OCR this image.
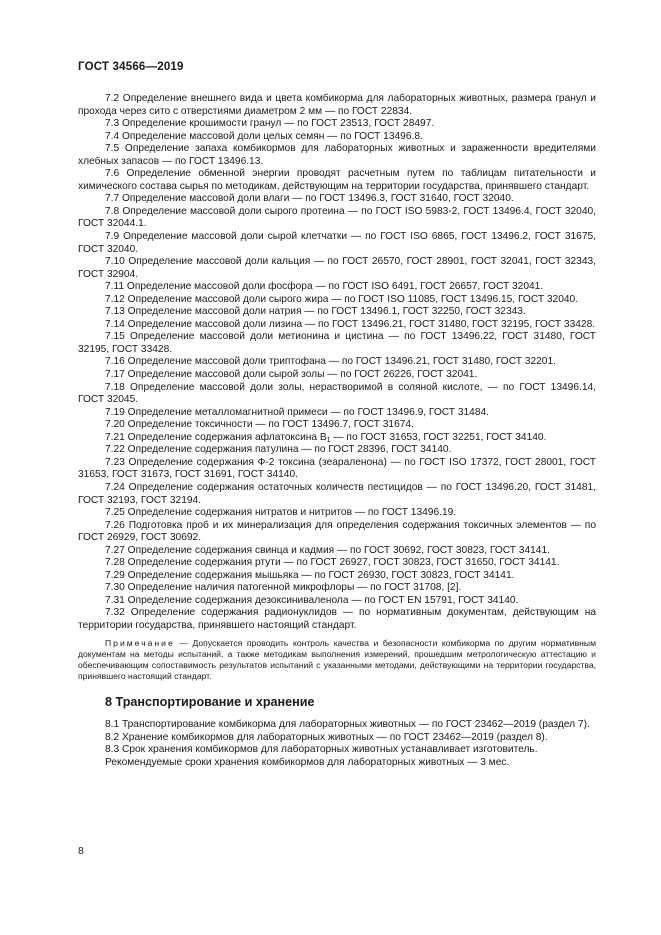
ГОСТ 34566—2019

7.2 Определение внешнего вида и цвета комбикорма для лабораторных животных, размера гранул и прохода через сито с отверстиями диаметром 2 мм — по ГОСТ 22834.

7.3 Определение крошимости гранул — по ГОСТ 23513, ГОСТ 28497.

7.4 Определение массовой доли целых семян — по ГОСТ 13496.8.

7.5 Определение запаха комбикормов для лабораторных животных и зараженности вредителями хлебных запасов — по ГОСТ 13496.13.

7.6 Определение обменной энергии проводят расчетным путем по таблицам питательности и химического состава сырья по методикам, действующим на территории государства, принявшего стандарт.

7.7 Определение массовой доли влаги — по ГОСТ 13496.3, ГОСТ 31640, ГОСТ 32040.

7.8 Определение массовой доли сырого протеина — по ГОСТ ISO 5983-2, ГОСТ 13496.4, ГОСТ 32040, ГОСТ 32044.1.

7.9 Определение массовой доли сырой клетчатки — по ГОСТ ISO 6865, ГОСТ 13496.2, ГОСТ 31675, ГОСТ 32040.

7.10 Определение массовой доли кальция — по ГОСТ 26570, ГОСТ 28901, ГОСТ 32041, ГОСТ 32343, ГОСТ 32904.

7.11 Определение массовой доли фосфора — по ГОСТ ISO 6491, ГОСТ 26657, ГОСТ 32041.

7.12 Определение массовой доли сырого жира — по ГОСТ ISO 11085, ГОСТ 13496.15, ГОСТ 32040.

7.13 Определение массовой доли натрия — по ГОСТ 13496.1, ГОСТ 32250, ГОСТ 32343.

7.14 Определение массовой доли лизина — по ГОСТ 13496.21, ГОСТ 31480, ГОСТ 32195, ГОСТ 33428.

7.15 Определение массовой доли метионина и цистина — по ГОСТ 13496.22, ГОСТ 31480, ГОСТ 32195, ГОСТ 33428.

7.16 Определение массовой доли триптофана — по ГОСТ 13496.21, ГОСТ 31480, ГОСТ 32201.

7.17 Определение массовой доли сырой золы — по ГОСТ 26226, ГОСТ 32041.

7.18 Определение массовой доли золы, нерастворимой в соляной кислоте, — по ГОСТ 13496.14, ГОСТ 32045.

7.19 Определение металломагнитной примеси — по ГОСТ 13496.9, ГОСТ 31484.

7.20 Определение токсичности — по ГОСТ 13496.7, ГОСТ 31674.

7.21 Определение содержания афлатоксина $В_1$ — по ГОСТ 31653, ГОСТ 32251, ГОСТ 34140.

7.22 Определение содержания патулина — по ГОСТ 28396, ГОСТ 34140.

7.23 Определение содержания Ф-2 токсина (зеараленона) — по ГОСТ ISO 17372, ГОСТ 28001, ГОСТ 31653, ГОСТ 31673, ГОСТ 31691, ГОСТ 34140.

7.24 Определение содержания остаточных количеств пестицидов — по ГОСТ 13496.20, ГОСТ 31481, ГОСТ 32193, ГОСТ 32194.

7.25 Определение содержания нитратов и нитритов — по ГОСТ 13496.19.

7.26 Подготовка проб и их минерализация для определения содержания токсичных элементов — по ГОСТ 26929, ГОСТ 30692.

7.27 Определение содержания свинца и кадмия — по ГОСТ 30692, ГОСТ 30823, ГОСТ 34141.

7.28 Определение содержания ртути — по ГОСТ 26927, ГОСТ 30823, ГОСТ 31650, ГОСТ 34141.

7.29 Определение содержания мышьяка — по ГОСТ 26930, ГОСТ 30823, ГОСТ 34141.

7.30 Определение наличия патогенной микрофлоры — по ГОСТ 31708, [2].

7.31 Определение содержания дезоксиниваленола — по ГОСТ EN 15791, ГОСТ 34140.

7.32 Определение содержания радионуклидов — по нормативным документам, действующим на территории государства, принявшего настоящий стандарт.

Примечание — Допускается проводить контроль качества и безопасности комбикорма по другим нормативным документам на методы испытаний, а также методикам выполнения измерений, прошедшим метрологическую аттестацию и обеспечивающим сопоставимость результатов испытаний с указанными методами, действующими на территории государства, принявшего настоящий стандарт.

8 Транспортирование и хранение

8.1 Транспортирование комбикорма для лабораторных животных — по ГОСТ 23462—2019 (раздел 7).

8.2 Хранение комбикормов для лабораторных животных — по ГОСТ 23462—2019 (раздел 8).

8.3 Срок хранения комбикормов для лабораторных животных устанавливает изготовитель.

Рекомендуемые сроки хранения комбикормов для лабораторных животных — 3 мес.

8
